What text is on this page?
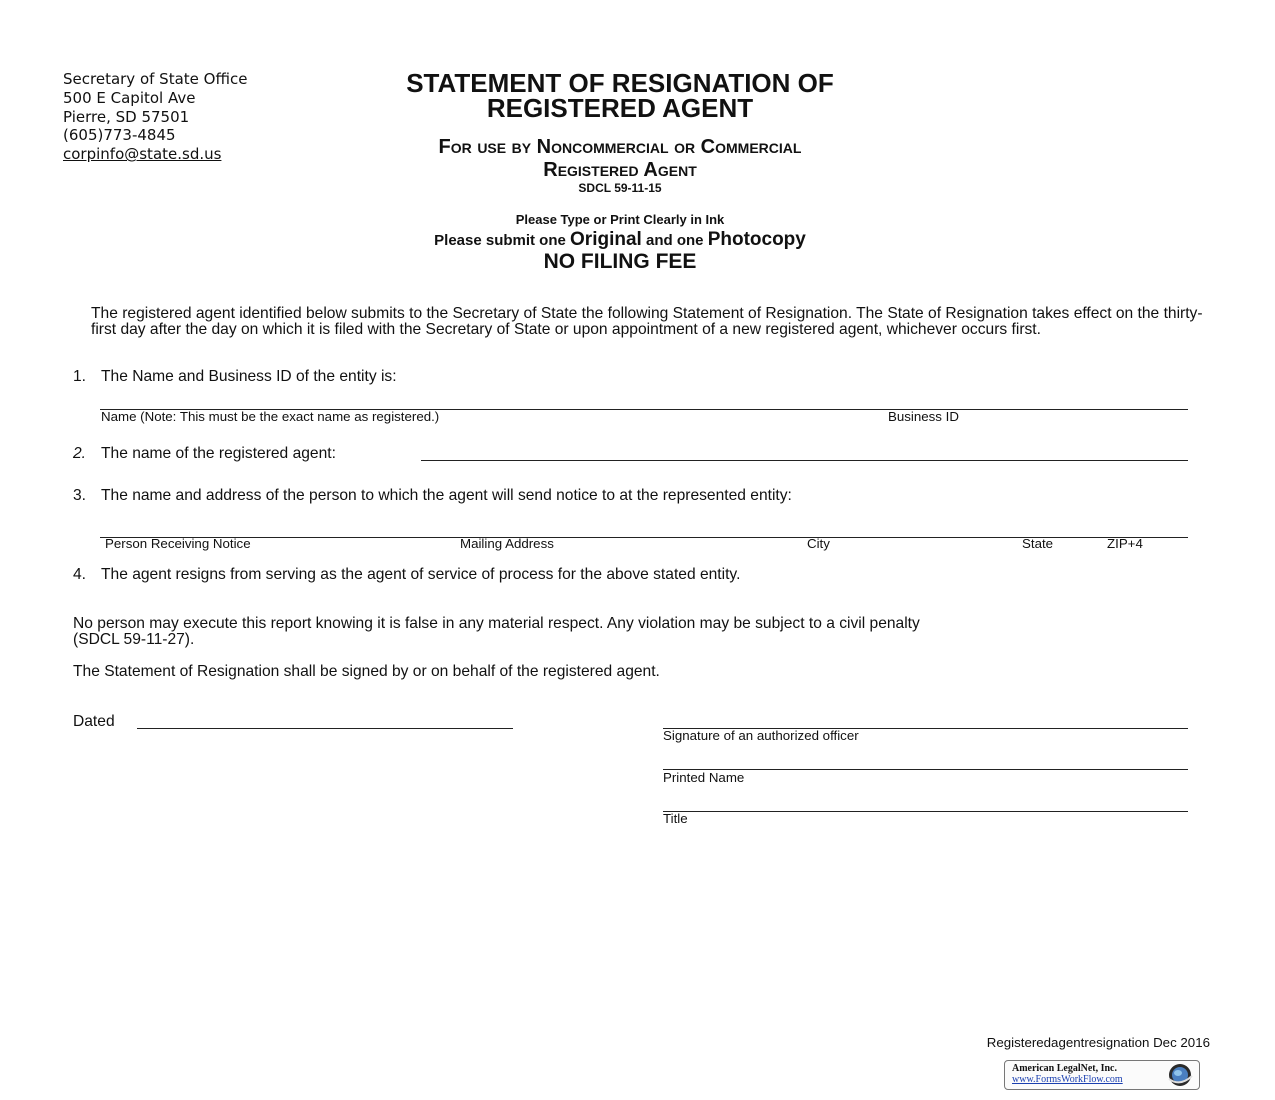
Secretary of State Office
500 E Capitol Ave
Pierre, SD 57501
(605)773-4845
corpinfo@state.sd.us
STATEMENT OF RESIGNATION OF
REGISTERED AGENT
For use by Noncommercial or Commercial
Registered Agent
SDCL 59-11-15
Please Type or Print Clearly in Ink
Please submit one Original and one Photocopy
NO FILING FEE
The registered agent identified below submits to the Secretary of State the following Statement of Resignation. The State of Resignation takes effect on the thirty-first day after the day on which it is filed with the Secretary of State or upon appointment of a new registered agent, whichever occurs first.
1. The Name and Business ID of the entity is:
Name (Note: This must be the exact name as registered.)	Business ID
2. The name of the registered agent:
3. The name and address of the person to which the agent will send notice to at the represented entity:
Person Receiving Notice	Mailing Address	City	State	ZIP+4
4. The agent resigns from serving as the agent of service of process for the above stated entity.
No person may execute this report knowing it is false in any material respect. Any violation may be subject to a civil penalty
(SDCL 59-11-27).
The Statement of Resignation shall be signed by or on behalf of the registered agent.
Dated
Signature of an authorized officer
Printed Name
Title
Registeredagentresignation Dec 2016
American LegalNet, Inc.
www.FormsWorkFlow.com
